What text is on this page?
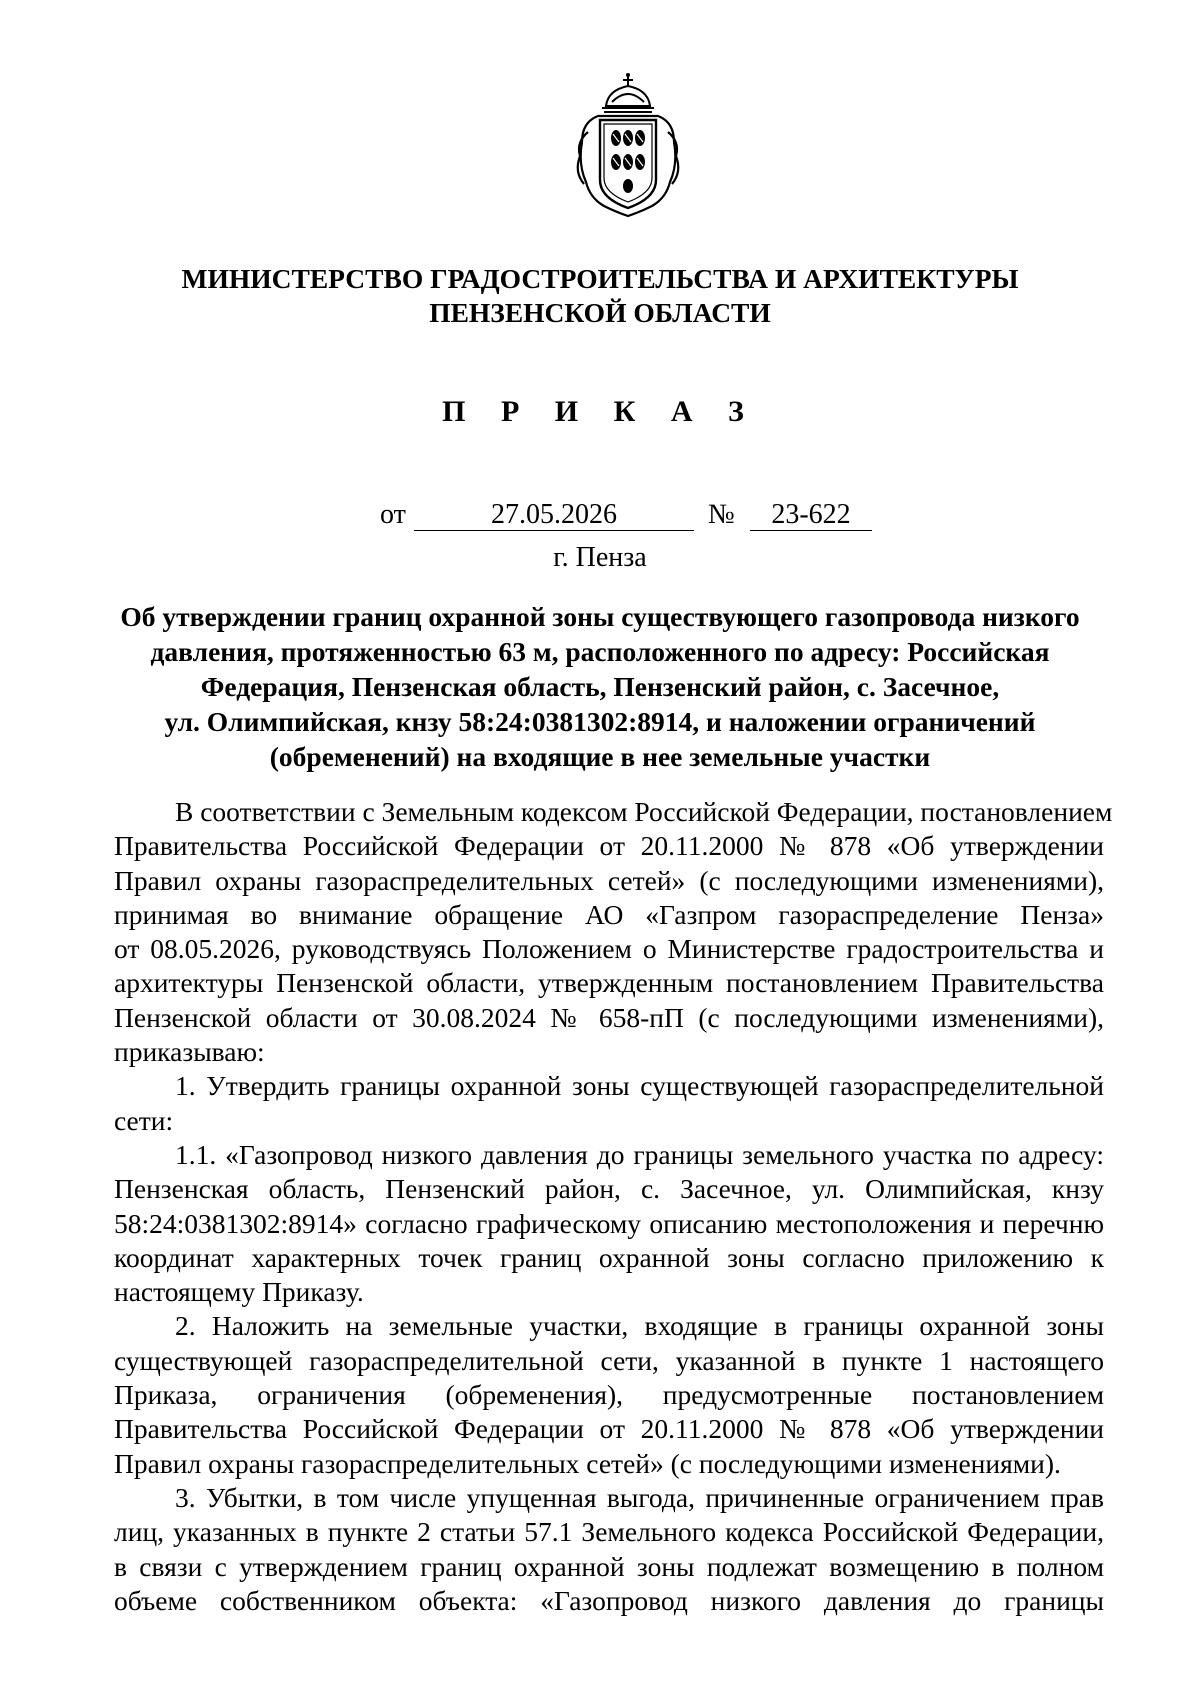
МИНИСТЕРСТВО ГРАДОСТРОИТЕЛЬСТВА И АРХИТЕКТУРЫ
ПЕНЗЕНСКОЙ ОБЛАСТИ
П Р И К А З
от	27.05.2026	№	23-622
г. Пенза
Об утверждении границ охранной зоны существующего газопровода низкого
давления, протяженностью 63 м, расположенного по адресу: Российская
Федерация, Пензенская область, Пензенский район, с. Засечное,
ул. Олимпийская, кнзу 58:24:0381302:8914, и наложении ограничений
(обременений) на входящие в нее земельные участки
В соответствии с Земельным кодексом Российской Федерации, постановлением
Правительства Российской Федерации от 20.11.2000 № 878 «Об утверждении
Правил охраны газораспределительных сетей» (с последующими изменениями),
принимая во внимание обращение АО «Газпром газораспределение Пенза»
от 08.05.2026, руководствуясь Положением о Министерстве градостроительства и
архитектуры Пензенской области, утвержденным постановлением Правительства
Пензенской области от 30.08.2024 № 658-пП (с последующими изменениями),
приказываю:
1. Утвердить границы охранной зоны существующей газораспределительной
сети:
1.1. «Газопровод низкого давления до границы земельного участка по адресу:
Пензенская область, Пензенский район, с. Засечное, ул. Олимпийская, кнзу
58:24:0381302:8914» согласно графическому описанию местоположения и перечню
координат характерных точек границ охранной зоны согласно приложению к
настоящему Приказу.
2. Наложить на земельные участки, входящие в границы охранной зоны
существующей газораспределительной сети, указанной в пункте 1 настоящего
Приказа, ограничения (обременения), предусмотренные постановлением
Правительства Российской Федерации от 20.11.2000 № 878 «Об утверждении
Правил охраны газораспределительных сетей» (с последующими изменениями).
3. Убытки, в том числе упущенная выгода, причиненные ограничением прав
лиц, указанных в пункте 2 статьи 57.1 Земельного кодекса Российской Федерации,
в связи с утверждением границ охранной зоны подлежат возмещению в полном
объеме собственником объекта: «Газопровод низкого давления до границы
